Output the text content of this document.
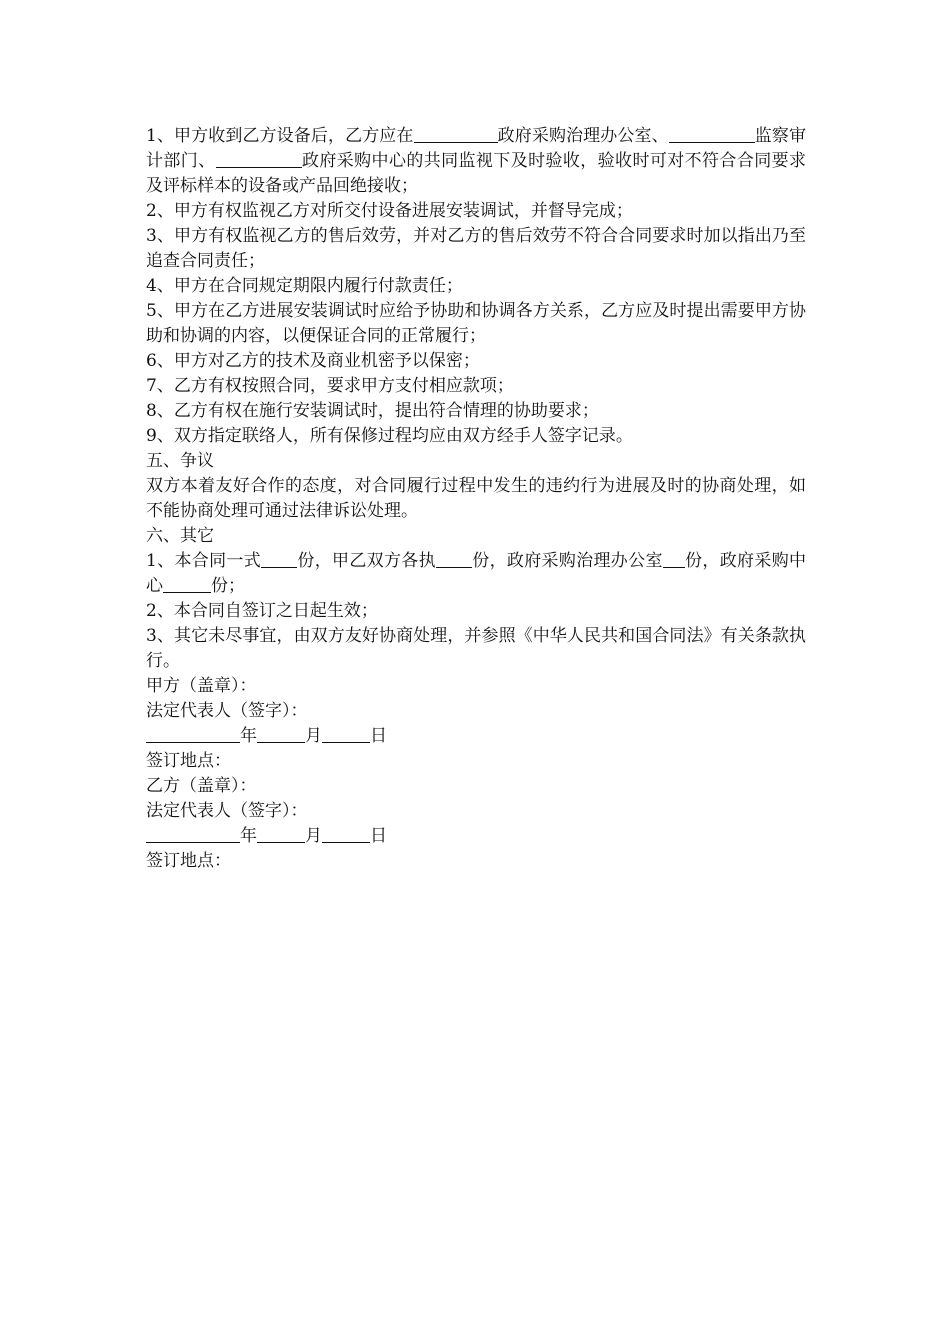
1、甲方收到乙方设备后，乙方应在	政府采购治理办公室、	监察审计部门、	政府采购中心的共同监视下及时验收，验收时可对不符合合同要求及评标样本的设备或产品回绝接收；
2、甲方有权监视乙方对所交付设备进展安装调试，并督导完成；
3、甲方有权监视乙方的售后效劳，并对乙方的售后效劳不符合合同要求时加以指出乃至追查合同责任；
4、甲方在合同规定期限内履行付款责任；
5、甲方在乙方进展安装调试时应给予协助和协调各方关系，乙方应及时提出需要甲方协助和协调的内容，以便保证合同的正常履行；
6、甲方对乙方的技术及商业机密予以保密；
7、乙方有权按照合同，要求甲方支付相应款项；
8、乙方有权在施行安装调试时，提出符合情理的协助要求；
9、双方指定联络人，所有保修过程均应由双方经手人签字记录。
五、争议
双方本着友好合作的态度，对合同履行过程中发生的违约行为进展及时的协商处理，如不能协商处理可通过法律诉讼处理。
六、其它
1、本合同一式 份，甲乙双方各执 份，政府采购治理办公室 份，政府采购中心	份；
2、本合同自签订之日起生效；
3、其它未尽事宜，由双方友好协商处理，并参照《中华人民共和国合同法》有关条款执行。
甲方（盖章）：
法定代表人（签字）：
年	月	日
签订地点：
乙方（盖章）：
法定代表人（签字）：
年	月	日
签订地点：
